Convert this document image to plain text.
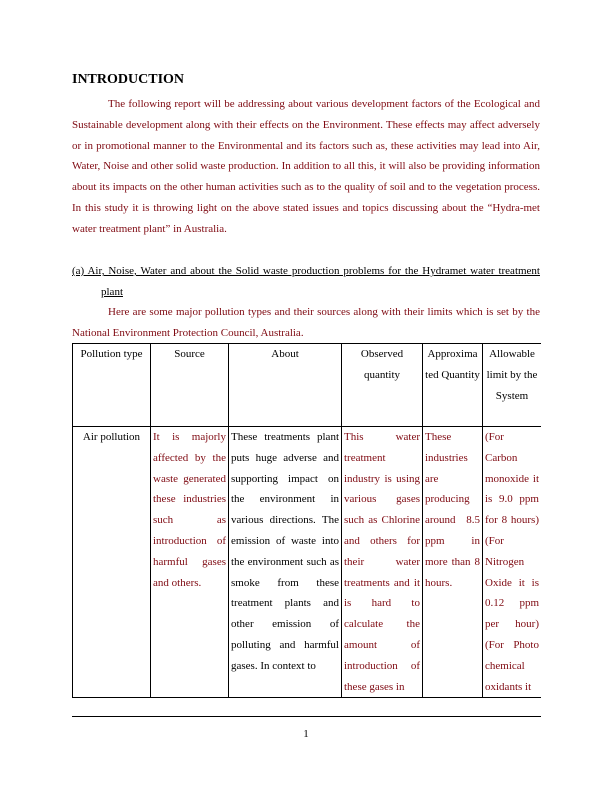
INTRODUCTION

The following report will be addressing about various development factors of the Ecological and Sustainable development along with their effects on the Environment. These effects may affect adversely or in promotional manner to the Environmental and its factors such as, these activities may lead into Air, Water, Noise and other solid waste production. In addition to all this, it will also be providing information about its impacts on the other human activities such as to the quality of soil and to the vegetation process. In this study it is throwing light on the above stated issues and topics discussing about the “Hydra-met water treatment plant” in Australia.

(a) Air, Noise, Water and about the Solid waste production problems for the Hydramet water treatment plant

Here are some major pollution types and their sources along with their limits which is set by the National Environment Protection Council, Australia.

Pollution type	Source	About	Observed quantity	Approxima ted Quantity	Allowable limit by the System
Air pollution	It is majorly affected by the waste generated these industries such as introduction of harmful gases and others.	These treatments plant puts huge adverse and supporting impact on the environment in various directions. The emission of waste into the environment such as smoke from these treatment plants and other emission of polluting and harmful gases. In context to	This water treatment industry is using various gases such as Chlorine and others for their water treatments and it is hard to calculate the amount of introduction of these gases in	These industries are producing around 8.5 ppm in more than 8 hours.	(For Carbon monoxide it is 9.0 ppm for 8 hours) (For Nitrogen Oxide it is 0.12 ppm per hour) (For Photo chemical oxidants it
1
